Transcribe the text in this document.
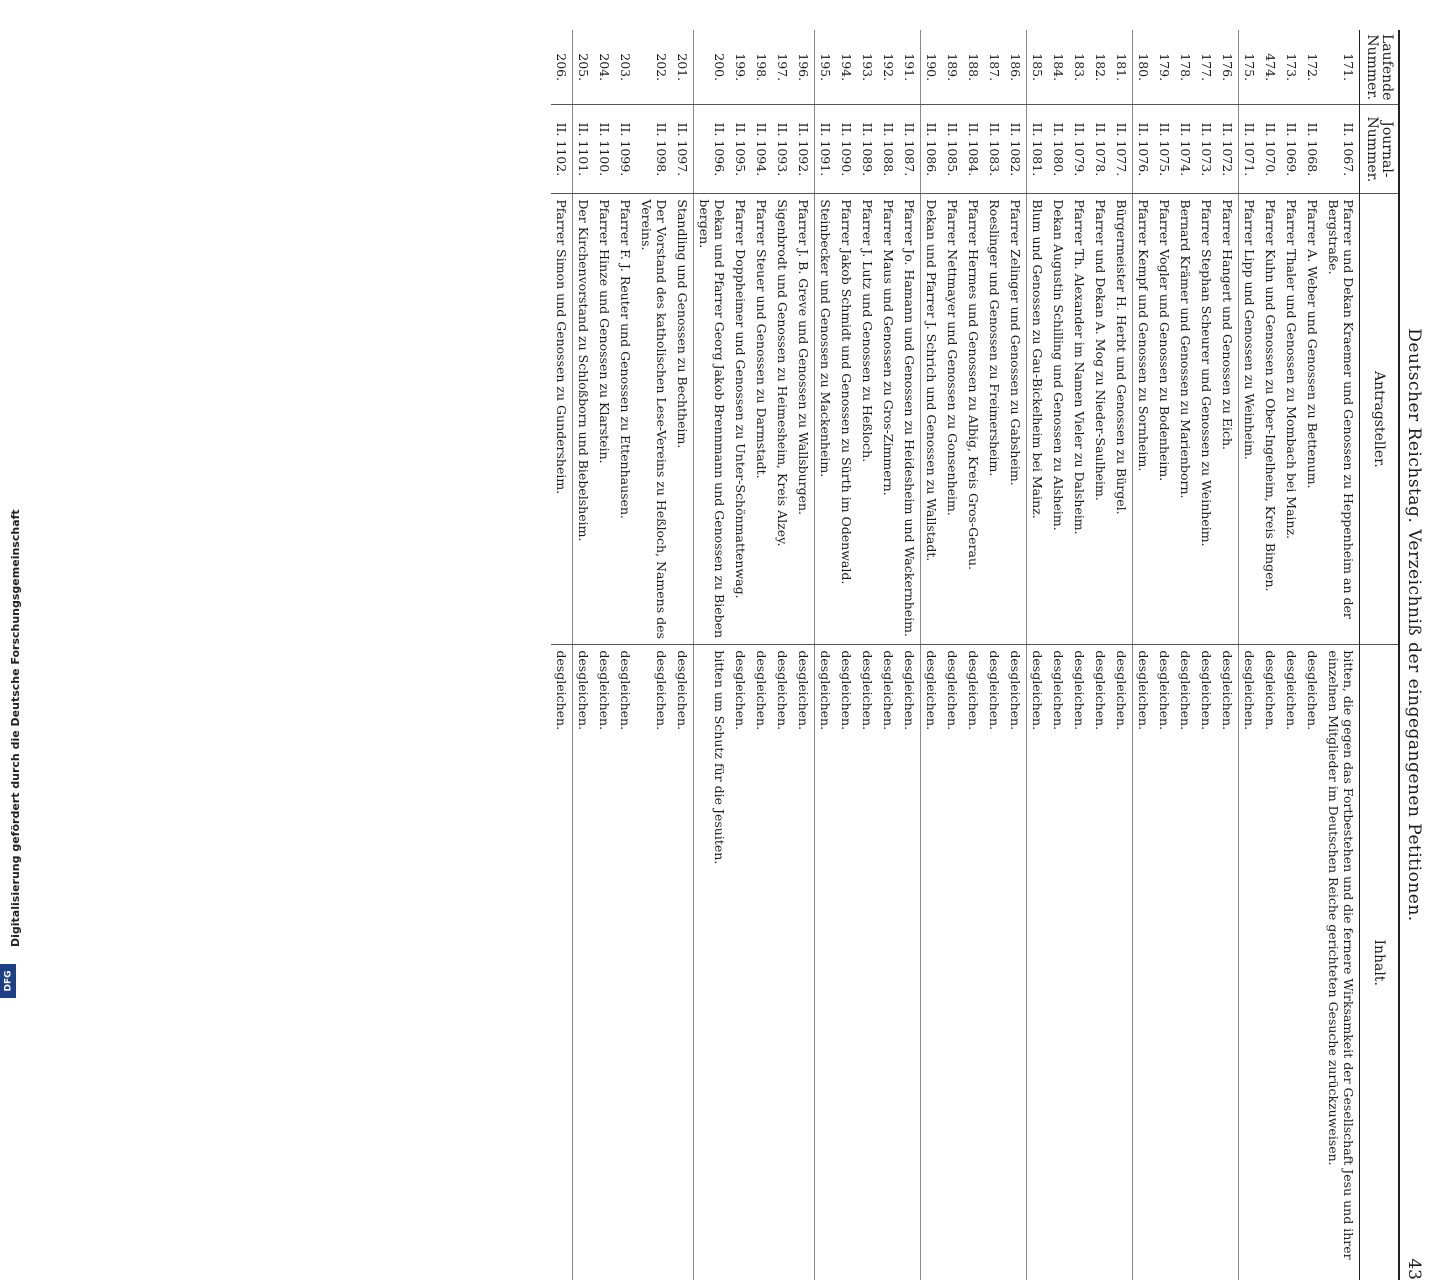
Deutscher Reichstag. Verzeichniß der eingegangenen Petitionen.
43
Laufende Nummer.	Journal-Nummer.	Antragsteller.	Inhalt.
171.	II. 1067.	Pfarrer und Dekan Kraemer und Genossen zu Heppenheim an der Bergstraße.	bitten, die gegen das Fortbestehen und die fernere Wirksamkeit der Gesellschaft Jesu und ihrer einzelnen Mitglieder im Deutschen Reiche gerichteten Gesuche zurückzuweisen.
172.	II. 1068.	Pfarrer A. Weber und Genossen zu Bettenum.	desgleichen.
173.	II. 1069.	Pfarrer Thaler und Genossen zu Mombach bei Mainz.	desgleichen.
474.	II. 1070.	Pfarrer Kuhn und Genossen zu Ober-Ingelheim, Kreis Bingen.	desgleichen.
175.	II. 1071.	Pfarrer Lipp und Genossen zu Weinheim.	desgleichen.
176.	II. 1072.	Pfarrer Hangert und Genossen zu Eich.	desgleichen.
177.	II. 1073.	Pfarrer Stephan Scheurer und Genossen zu Weinheim.	desgleichen.
178.	II. 1074.	Bernard Krämer und Genossen zu Marienborn.	desgleichen.
179.	II. 1075.	Pfarrer Vogler und Genossen zu Bodenheim.	desgleichen.
180.	II. 1076.	Pfarrer Kempf und Genossen zu Sornheim.	desgleichen.
181.	II. 1077.	Bürgermeister H. Herbt und Genossen zu Bürgel.	desgleichen.
182.	II. 1078.	Pfarrer und Dekan A. Mog zu Nieder-Saulheim.	desgleichen.
183.	II. 1079.	Pfarrer Th. Alexander im Namen Vieler zu Dalsheim.	desgleichen.
184.	II. 1080.	Dekan Augustin Schilling und Genossen zu Alsheim.	desgleichen.
185.	II. 1081.	Blum und Genossen zu Gau-Bickelheim bei Mainz.	desgleichen.
186.	II. 1082.	Pfarrer Zelinger und Genossen zu Gabsheim.	desgleichen.
187.	II. 1083.	Roeslinger und Genossen zu Freimersheim.	desgleichen.
188.	II. 1084.	Pfarrer Hermes und Genossen zu Albig, Kreis Gros-Gerau.	desgleichen.
189.	II. 1085.	Pfarrer Nettmayer und Genossen zu Gonsenheim.	desgleichen.
190.	II. 1086.	Dekan und Pfarrer J. Schrich und Genossen zu Wallstadt.	desgleichen.
191.	II. 1087.	Pfarrer Jo. Hamann und Genossen zu Heidesheim und Wackernheim.	desgleichen.
192.	II. 1088.	Pfarrer Maus und Genossen zu Gros-Zimmern.	desgleichen.
193.	II. 1089.	Pfarrer J. Lutz und Genossen zu Heßloch.	desgleichen.
194.	II. 1090.	Pfarrer Jakob Schmidt und Genossen zu Sürth im Odenwald.	desgleichen.
195.	II. 1091.	Steinbecker und Genossen zu Mackenheim.	desgleichen.
196.	II. 1092.	Pfarrer J. B. Greve und Genossen zu Wallsburgen.	desgleichen.
197.	II. 1093.	Sigenbrodt und Genossen zu Heimesheim, Kreis Alzey.	desgleichen.
198.	II. 1094.	Pfarrer Steuer und Genossen zu Darmstadt.	desgleichen.
199.	II. 1095.	Pfarrer Doppheimer und Genossen zu Unter-Schönmattenwag.	desgleichen.
200.	II. 1096.	Dekan und Pfarrer Georg Jakob Brennmann und Genossen zu Bieben bergen.	bitten um Schutz für die Jesuiten.
201.	II. 1097.	Standling und Genossen zu Bechtheim.	desgleichen.
202.	II. 1098.	Der Vorstand des katholischen Lese-Vereins zu Heßloch, Namens des Vereins.	desgleichen.
203.	II. 1099.	Pfarrer F. J. Reuter und Genossen zu Ettenhausen.	desgleichen.
204.	II. 1100.	Pfarrer Hinze und Genossen zu Klarstein.	desgleichen.
205.	II. 1101.	Der Kirchenvorstand zu Schloßborn und Biebelsheim.	desgleichen.
206.	II. 1102.	Pfarrer Simon und Genossen zu Gundersheim.	desgleichen.
Digitalisierung gefördert durch die Deutsche Forschungsgemeinschaft
DFG
